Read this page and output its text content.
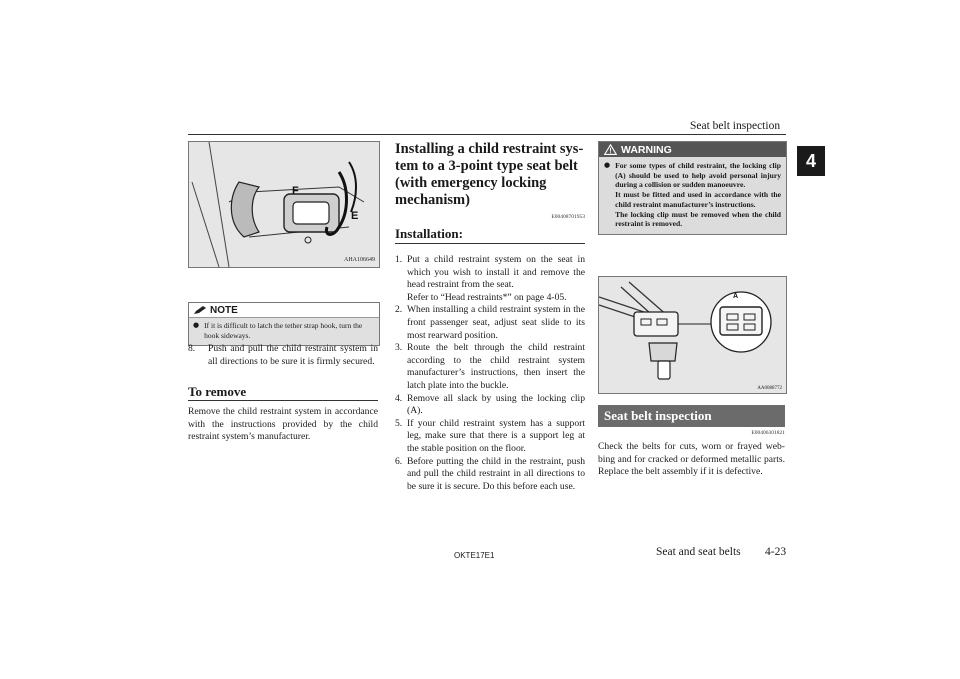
Seat belt inspection
4
F
E
AHA106649
NOTE
● If it is difficult to latch the tether strap hook, turn the hook sideways.
8.	Push and pull the child restraint system in all directions to be sure it is firmly secured.
To remove
Remove the child restraint system in accordance with the instructions provided by the child restraint system’s manufacturer.
Installing a child restraint system to a 3-point type seat belt (with emergency locking mechanism)
E00408701953
Installation:
1. Put a child restraint system on the seat in which you wish to install it and remove the head restraint from the seat.
Refer to “Head restraints*” on page 4-05.
2. When installing a child restraint system in the front passenger seat, adjust seat slide to its most rearward position.
3. Route the belt through the child restraint according to the child restraint system manufacturer’s instructions, then insert the latch plate into the buckle.
4. Remove all slack by using the locking clip (A).
5. If your child restraint system has a support leg, make sure that there is a support leg at the stable position on the floor.
6. Before putting the child in the restraint, push and pull the child restraint in all directions to be sure it is secure. Do this before each use.
WARNING
● For some types of child restraint, the locking clip (A) should be used to help avoid personal injury during a collision or sudden manoeuvre.

It must be fitted and used in accordance with the child restraint manufacturer’s instructions.

The locking clip must be removed when the child restraint is removed.

A
AA0088772
Seat belt inspection
E00406301821
Check the belts for cuts, worn or frayed webbing and for cracked or deformed metallic parts. Replace the belt assembly if it is defective.
OKTE17E1	Seat and seat belts 4-23
